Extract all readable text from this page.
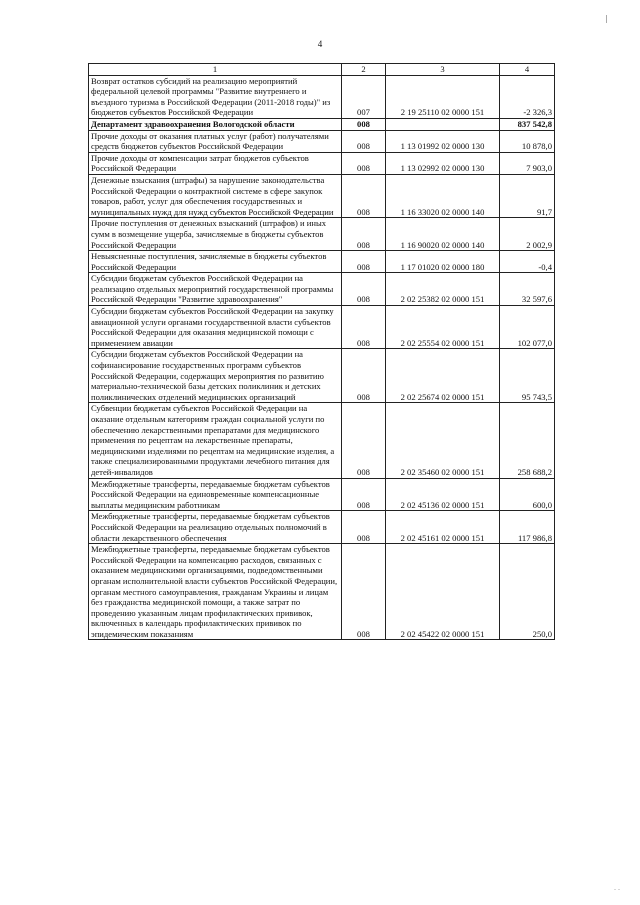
4
1	2	3	4
Возврат остатков субсидий на реализацию мероприятий федеральной целевой программы "Развитие внутреннего и въездного туризма в Российской Федерации (2011-2018 годы)" из бюджетов субъектов Российской Федерации	007	2 19 25110 02 0000 151	-2 326,3
Департамент здравоохранения Вологодской области	008		837 542,8
Прочие доходы от оказания платных услуг (работ) получателями средств бюджетов субъектов Российской Федерации	008	1 13 01992 02 0000 130	10 878,0
Прочие доходы от компенсации затрат бюджетов субъектов Российской Федерации	008	1 13 02992 02 0000 130	7 903,0
Денежные взыскания (штрафы) за нарушение законодательства Российской Федерации о контрактной системе в сфере закупок товаров, работ, услуг для обеспечения государственных и муниципальных нужд для нужд субъектов Российской Федерации	008	1 16 33020 02 0000 140	91,7
Прочие поступления от денежных взысканий (штрафов) и иных сумм в возмещение ущерба, зачисляемые в бюджеты субъектов Российской Федерации	008	1 16 90020 02 0000 140	2 002,9
Невыясненные поступления, зачисляемые в бюджеты субъектов Российской Федерации	008	1 17 01020 02 0000 180	-0,4
Субсидии бюджетам субъектов Российской Федерации на реализацию отдельных мероприятий государственной программы Российской Федерации "Развитие здравоохранения"	008	2 02 25382 02 0000 151	32 597,6
Субсидии бюджетам субъектов Российской Федерации на закупку авиационной услуги органами государственной власти субъектов Российской Федерации для оказания медицинской помощи с применением авиации	008	2 02 25554 02 0000 151	102 077,0
Субсидии бюджетам субъектов Российской Федерации на софинансирование государственных программ субъектов Российской Федерации, содержащих мероприятия по развитию материально-технической базы детских поликлиник и детских поликлинических отделений медицинских организаций	008	2 02 25674 02 0000 151	95 743,5
Субвенции бюджетам субъектов Российской Федерации на оказание отдельным категориям граждан социальной услуги по обеспечению лекарственными препаратами для медицинского применения по рецептам на лекарственные препараты, медицинскими изделиями по рецептам на медицинские изделия, а также специализированными продуктами лечебного питания для детей-инвалидов	008	2 02 35460 02 0000 151	258 688,2
Межбюджетные трансферты, передаваемые бюджетам субъектов Российской Федерации на единовременные компенсационные выплаты медицинским работникам	008	2 02 45136 02 0000 151	600,0
Межбюджетные трансферты, передаваемые бюджетам субъектов Российской Федерации на реализацию отдельных полномочий в области лекарственного обеспечения	008	2 02 45161 02 0000 151	117 986,8
Межбюджетные трансферты, передаваемые бюджетам субъектов Российской Федерации на компенсацию расходов, связанных с оказанием медицинскими организациями, подведомственными органам исполнительной власти субъектов Российской Федерации, органам местного самоуправления, гражданам Украины и лицам без гражданства медицинской помощи, а также затрат по проведению указанным лицам профилактических прививок, включенных в календарь профилактических прививок по эпидемическим показаниям	008	2 02 45422 02 0000 151	250,0
. .
